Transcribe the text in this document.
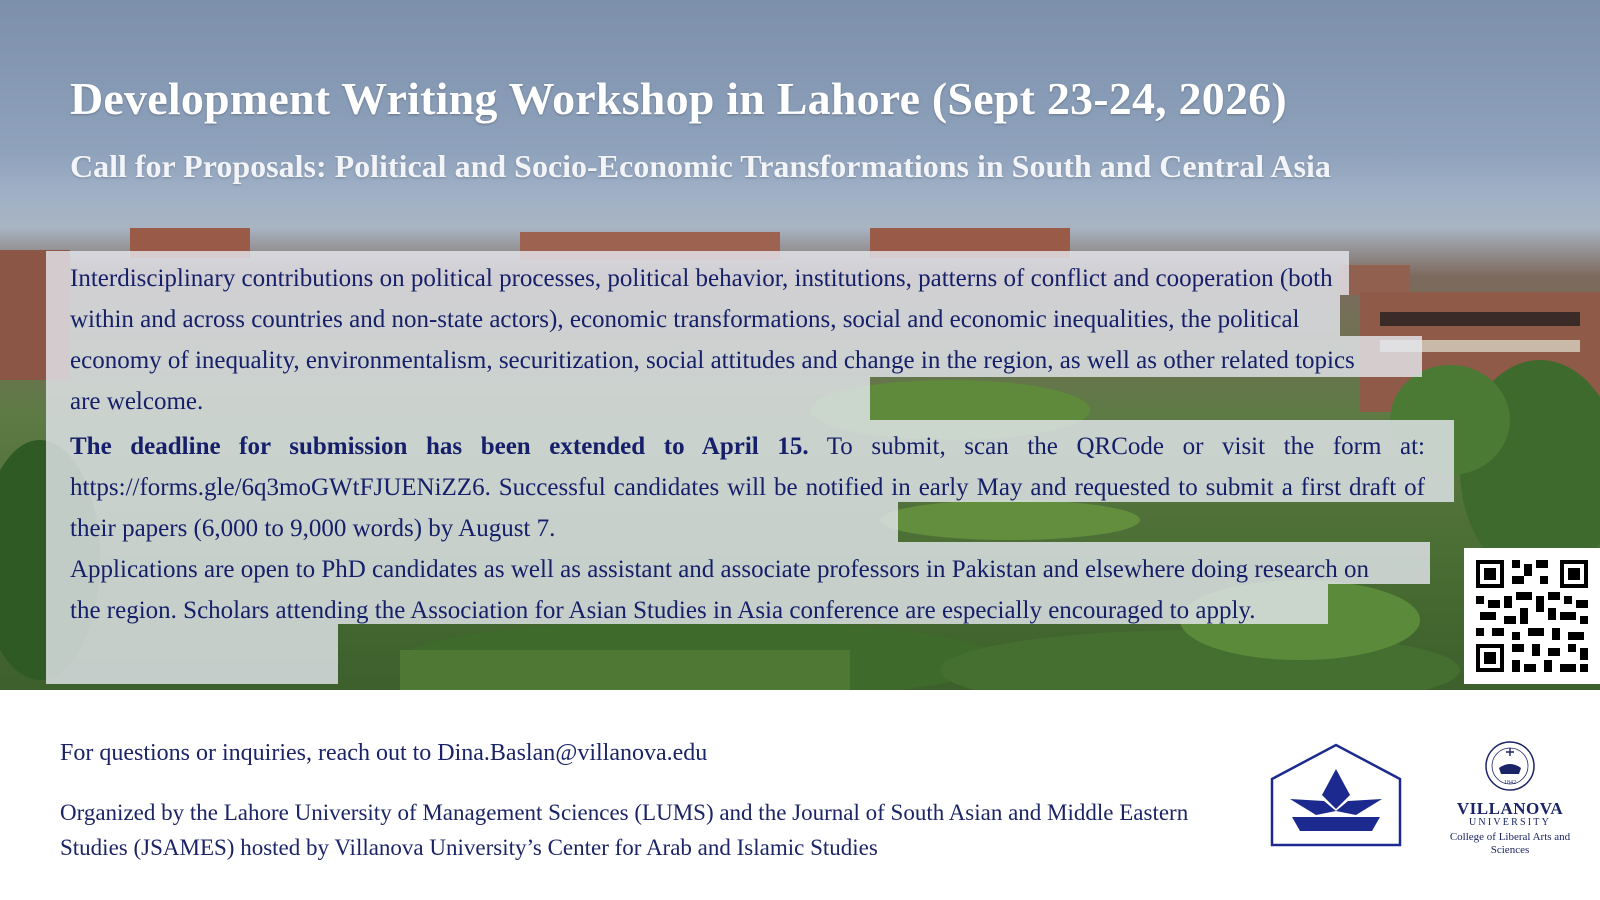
Development Writing Workshop in Lahore (Sept 23-24, 2026)
Call for Proposals: Political and Socio-Economic Transformations in South and Central Asia

Interdisciplinary contributions on political processes, political behavior, institutions, patterns of conflict and cooperation (both within and across countries and non-state actors), economic transformations, social and economic inequalities, the political economy of inequality, environmentalism, securitization, social attitudes and change in the region, as well as other related topics are welcome.

The deadline for submission has been extended to April 15. To submit, scan the QRCode or visit the form at: https://forms.gle/6q3moGWtFJUENiZZ6. Successful candidates will be notified in early May and requested to submit a first draft of their papers (6,000 to 9,000 words) by August 7.

Applications are open to PhD candidates as well as assistant and associate professors in Pakistan and elsewhere doing research on the region. Scholars attending the Association for Asian Studies in Asia conference are especially encouraged to apply.

For questions or inquiries, reach out to Dina.Baslan@villanova.edu

Organized by the Lahore University of Management Sciences (LUMS) and the Journal of South Asian and Middle Eastern Studies (JSAMES) hosted by Villanova University’s Center for Arab and Islamic Studies	LUMS
1842
VILLANOVA
UNIVERSITY
College of Liberal Arts and Sciences
